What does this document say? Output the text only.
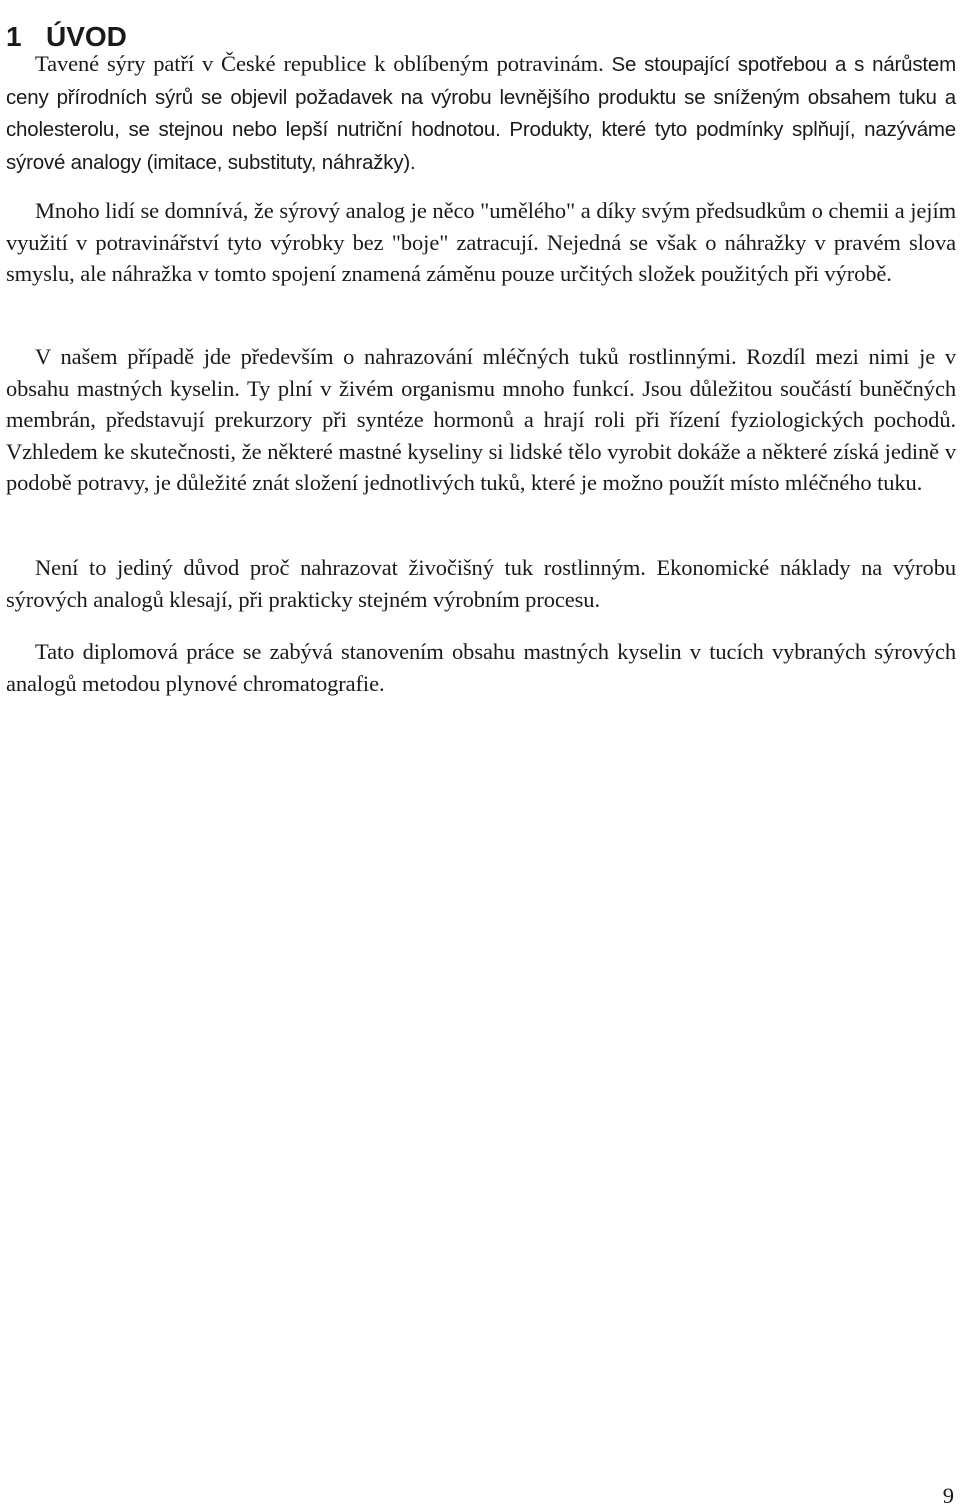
1 ÚVOD

Tavené sýry patří v České republice k oblíbeným potravinám. Se stoupající spotřebou a s nárůstem ceny přírodních sýrů se objevil požadavek na výrobu levnějšího produktu se sníženým obsahem tuku a cholesterolu, se stejnou nebo lepší nutriční hodnotou. Produkty, které tyto podmínky splňují, nazýváme sýrové analogy (imitace, substituty, náhražky).

Mnoho lidí se domnívá, že sýrový analog je něco "umělého" a díky svým předsudkům o chemii a jejím využití v potravinářství tyto výrobky bez "boje" zatracují. Nejedná se však o náhražky v pravém slova smyslu, ale náhražka v tomto spojení znamená záměnu pouze určitých složek použitých při výrobě.

V našem případě jde především o nahrazování mléčných tuků rostlinnými. Rozdíl mezi nimi je v obsahu mastných kyselin. Ty plní v živém organismu mnoho funkcí. Jsou důležitou součástí buněčných membrán, představují prekurzory při syntéze hormonů a hrají roli při řízení fyziologických pochodů. Vzhledem ke skutečnosti, že některé mastné kyseliny si lidské tělo vyrobit dokáže a některé získá jedině v podobě potravy, je důležité znát složení jednotlivých tuků, které je možno použít místo mléčného tuku.

Není to jediný důvod proč nahrazovat živočišný tuk rostlinným. Ekonomické náklady na výrobu sýrových analogů klesají, při prakticky stejném výrobním procesu.

Tato diplomová práce se zabývá stanovením obsahu mastných kyselin v tucích vybraných sýrových analogů metodou plynové chromatografie.

9
